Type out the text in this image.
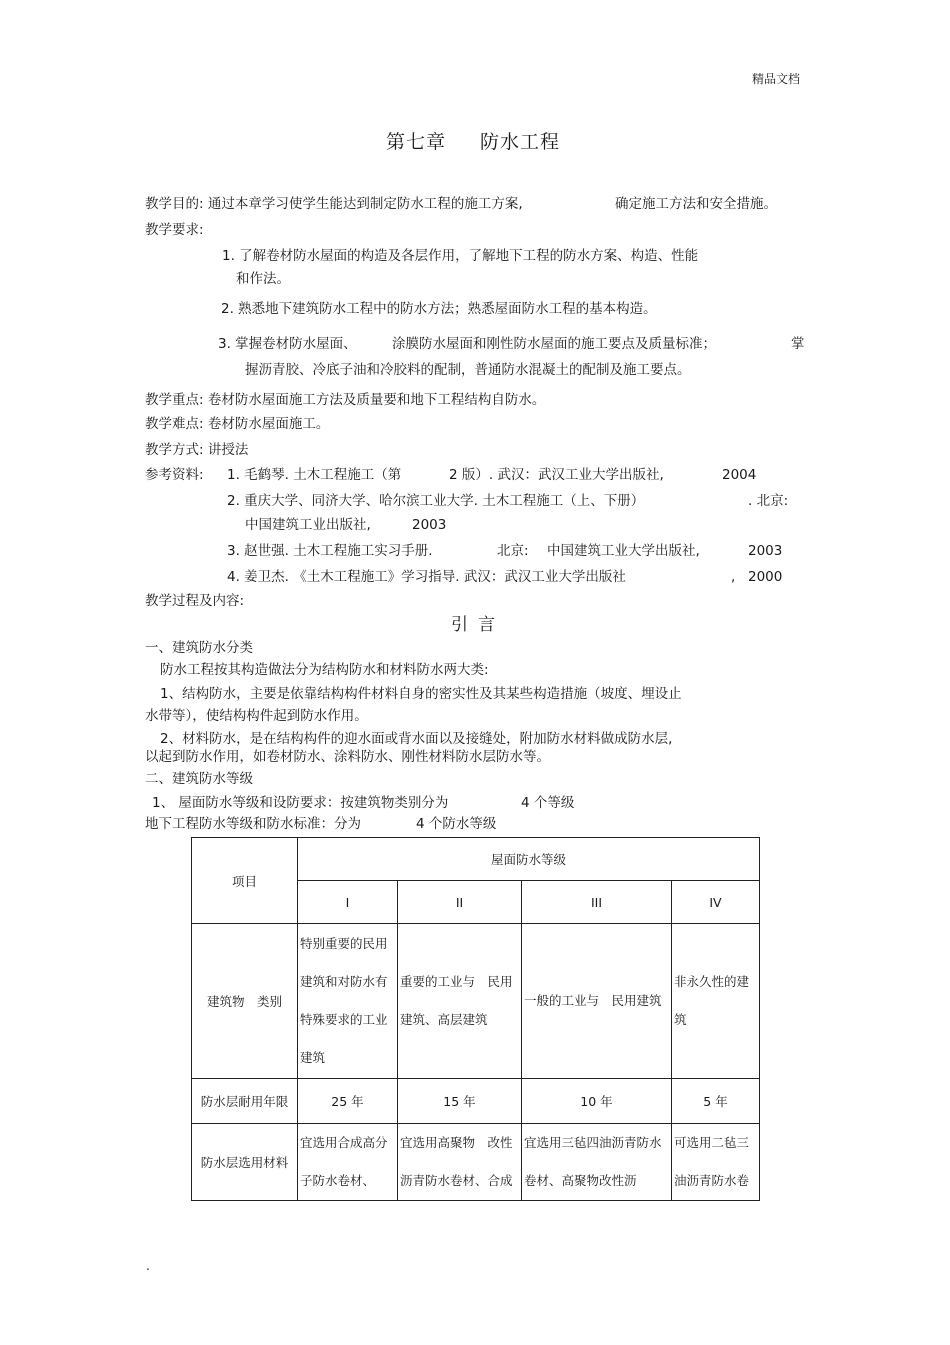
精品文档
第七章 防水工程
教学目的: 通过本章学习使学生能达到制定防水工程的施工方案,	确定施工方法和安全措施。
教学要求:
1. 了解卷材防水屋面的构造及各层作用，了解地下工程的防水方案、构造、性能
和作法。
2. 熟悉地下建筑防水工程中的防水方法；熟悉屋面防水工程的基本构造。
3. 掌握卷材防水屋面、	涂膜防水屋面和刚性防水屋面的施工要点及质量标准；	掌
握沥青胶、冷底子油和冷胶料的配制，普通防水混凝土的配制及施工要点。
教学重点: 卷材防水屋面施工方法及质量要和地下工程结构自防水。
教学难点: 卷材防水屋面施工。
教学方式: 讲授法
参考资料: 1. 毛鹤琴. 土木工程施工（第	2 版）. 武汉：武汉工业大学出版社,	2004
2. 重庆大学、同济大学、哈尔滨工业大学. 土木工程施工（上、下册）	. 北京:
中国建筑工业出版社,	2003
3. 赵世强. 土木工程施工实习手册.	北京: 中国建筑工业大学出版社,	2003
4. 姜卫杰. 《土木工程施工》学习指导. 武汉：武汉工业大学出版社	, 2000
教学过程及内容:
引言
一、建筑防水分类
防水工程按其构造做法分为结构防水和材料防水两大类:
1、结构防水，主要是依靠结构构件材料自身的密实性及其某些构造措施（坡度、埋设止
水带等），使结构构件起到防水作用。
2、材料防水，是在结构构件的迎水面或背水面以及接缝处，附加防水材料做成防水层,
以起到防水作用，如卷材防水、涂料防水、刚性材料防水层防水等。
二、建筑防水等级
1、 屋面防水等级和设防要求：按建筑物类别分为	4 个等级
地下工程防水等级和防水标准：分为	4 个防水等级
项目	屋面防水等级			
	I	II	III	IV
建筑物　类别	特别重要的民用建筑和对防水有特殊要求的工业建筑	重要的工业与　民用建筑、高层建筑	一般的工业与　民用建筑	非永久性的建筑
防水层耐用年限	25 年	15 年	10 年	5 年
防水层选用材料	宜选用合成高分子防水卷材、	宜选用高聚物　改性沥青防水卷材、合成	宜选用三毡四油沥青防水卷材、高聚物改性沥	可选用二毡三油沥青防水卷
.
